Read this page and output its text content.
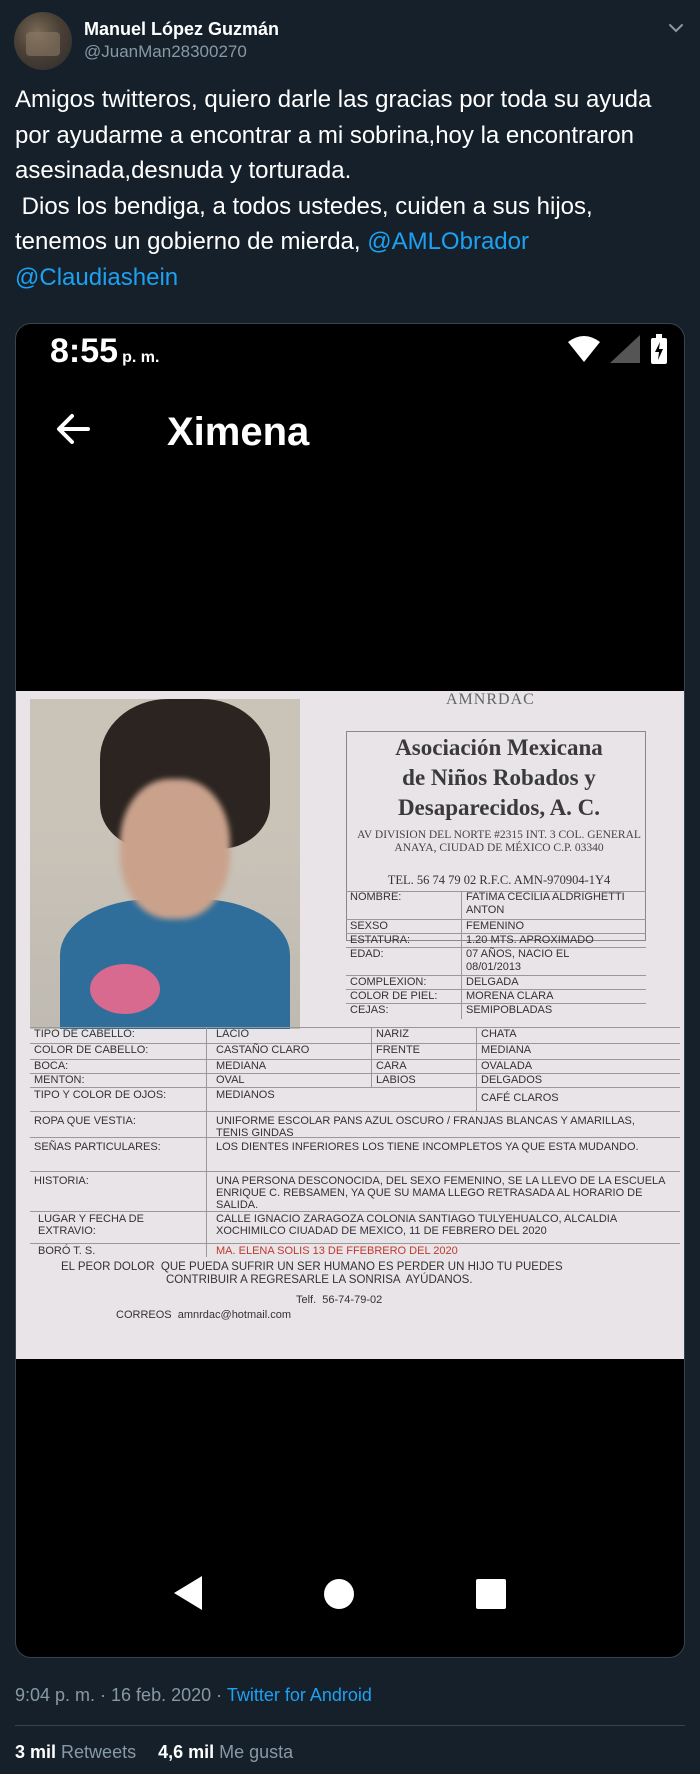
Manuel López Guzmán
@JuanMan28300270
Amigos twitteros, quiero darle las gracias por toda su ayuda por ayudarme a encontrar a mi sobrina,hoy la encontraron asesinada,desnuda y torturada.
Dios los bendiga, a todos ustedes, cuiden a sus hijos, tenemos un gobierno de mierda, @AMLObrador
@Claudiashein
8:55 p. m.
Ximena
AMNRDAC
Asociación Mexicana
de Niños Robados y
Desaparecidos, A. C.
AV DIVISION DEL NORTE #2315 INT. 3 COL. GENERAL ANAYA, CIUDAD DE MÉXICO C.P. 03340
TEL. 56 74 79 02 R.F.C. AMN-970904-1Y4
NOMBRE:	FATIMA CECILIA ALDRIGHETTI ANTON
SEXSO	FEMENINO
ESTATURA:	1.20 MTS. APROXIMADO
EDAD:	07 AÑOS, NACIO EL 08/01/2013
COMPLEXION:	DELGADA
COLOR DE PIEL:	MORENA CLARA
CEJAS:	SEMIPOBLADAS
TIPO DE CABELLO:	LACIO	NARIZ	CHATA
COLOR DE CABELLO:	CASTAÑO CLARO	FRENTE	MEDIANA
BOCA:	MEDIANA	CARA	OVALADA
MENTON:	OVAL	LABIOS	DELGADOS
TIPO Y COLOR DE OJOS:	MEDIANOS	CAFÉ CLAROS
ROPA QUE VESTIA:	UNIFORME ESCOLAR PANS AZUL OSCURO / FRANJAS BLANCAS Y AMARILLAS, TENIS GINDAS
SEÑAS PARTICULARES:	LOS DIENTES INFERIORES LOS TIENE INCOMPLETOS YA QUE ESTA MUDANDO.
HISTORIA:	UNA PERSONA DESCONOCIDA, DEL SEXO FEMENINO, SE LA LLEVO DE LA ESCUELA ENRIQUE C. REBSAMEN, YA QUE SU MAMA LLEGO RETRASADA AL HORARIO DE SALIDA.
LUGAR Y FECHA DE EXTRAVIO:
CALLE IGNACIO ZARAGOZA COLONIA SANTIAGO TULYEHUALCO, ALCALDIA XOCHIMILCO CIUADAD DE MEXICO, 11 DE FEBRERO DEL 2020
BORÓ T. S.	MA. ELENA SOLIS 13 DE FFEBRERO DEL 2020
EL PEOR DOLOR  QUE PUEDA SUFRIR UN SER HUMANO ES PERDER UN HIJO TU PUEDES
CONTRIBUIR A REGRESARLE LA SONRISA  AYÚDANOS.
Telf.  56-74-79-02
CORREOS  amnrdac@hotmail.com
9:04 p. m. · 16 feb. 2020 · Twitter for Android
3 mil Retweets 4,6 mil Me gusta
